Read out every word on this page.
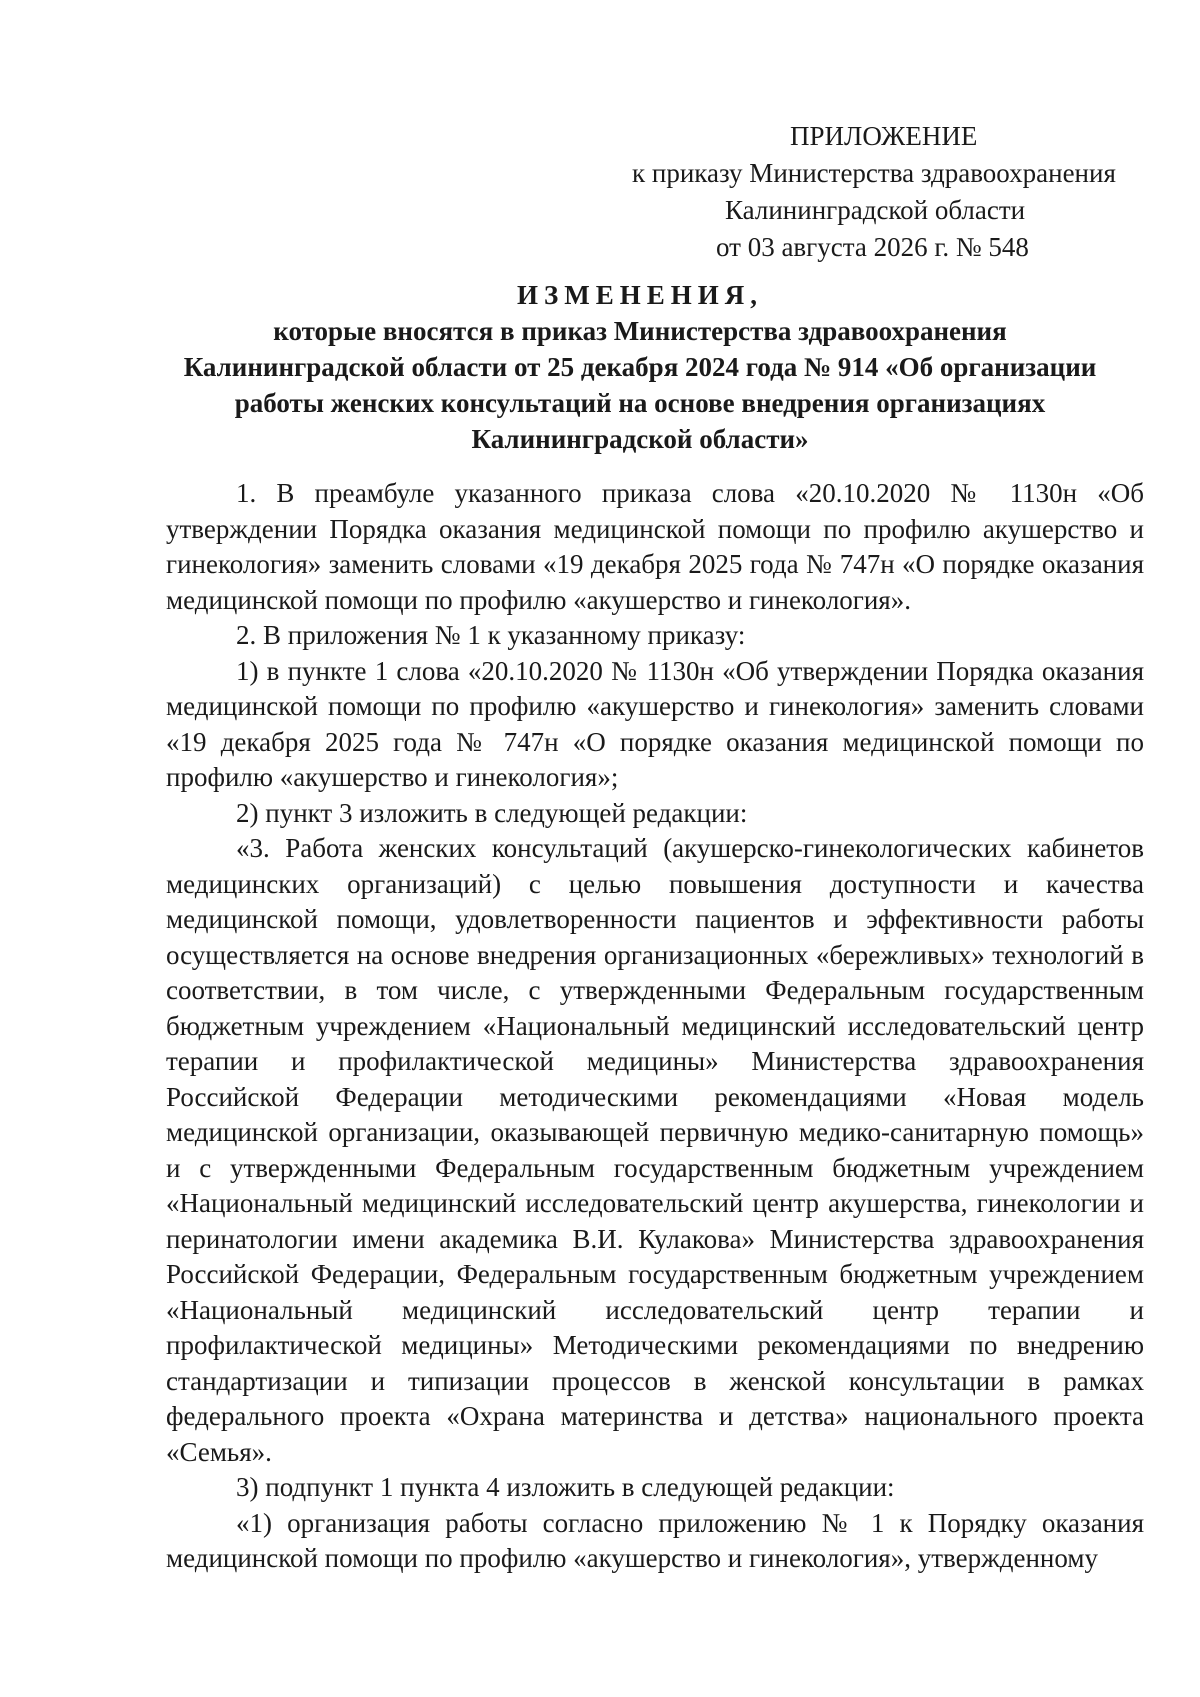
ПРИЛОЖЕНИЕ
к приказу Министерства здравоохранения
Калининградской области
от 03 августа 2026 г. № 548
ИЗМЕНЕНИЯ,
которые вносятся в приказ Министерства здравоохранения
Калининградской области от 25 декабря 2024 года № 914 «Об организации
работы женских консультаций на основе внедрения организациях
Калининградской области»

1. В преамбуле указанного приказа слова «20.10.2020 № 1130н «Об утверждении Порядка оказания медицинской помощи по профилю акушерство и гинекология» заменить словами «19 декабря 2025 года № 747н «О порядке оказания медицинской помощи по профилю «акушерство и гинекология».

2. В приложения № 1 к указанному приказу:

1) в пункте 1 слова «20.10.2020 № 1130н «Об утверждении Порядка оказания медицинской помощи по профилю «акушерство и гинекология» заменить словами «19 декабря 2025 года № 747н «О порядке оказания медицинской помощи по профилю «акушерство и гинекология»;

2) пункт 3 изложить в следующей редакции:

«3. Работа женских консультаций (акушерско-гинекологических кабинетов медицинских организаций) с целью повышения доступности и качества медицинской помощи, удовлетворенности пациентов и эффективности работы осуществляется на основе внедрения организационных «бережливых» технологий в соответствии, в том числе, с утвержденными Федеральным государственным бюджетным учреждением «Национальный медицинский исследовательский центр терапии и профилактической медицины» Министерства здравоохранения Российской Федерации методическими рекомендациями «Новая модель медицинской организации, оказывающей первичную медико-санитарную помощь» и с утвержденными Федеральным государственным бюджетным учреждением «Национальный медицинский исследовательский центр акушерства, гинекологии и перинатологии имени академика В.И. Кулакова» Министерства здравоохранения Российской Федерации, Федеральным государственным бюджетным учреждением «Национальный медицинский исследовательский центр терапии и профилактической медицины» Методическими рекомендациями по внедрению стандартизации и типизации процессов в женской консультации в рамках федерального проекта «Охрана материнства и детства» национального проекта «Семья».

3) подпункт 1 пункта 4 изложить в следующей редакции:

«1) организация работы согласно приложению № 1 к Порядку оказания медицинской помощи по профилю «акушерство и гинекология», утвержденному
